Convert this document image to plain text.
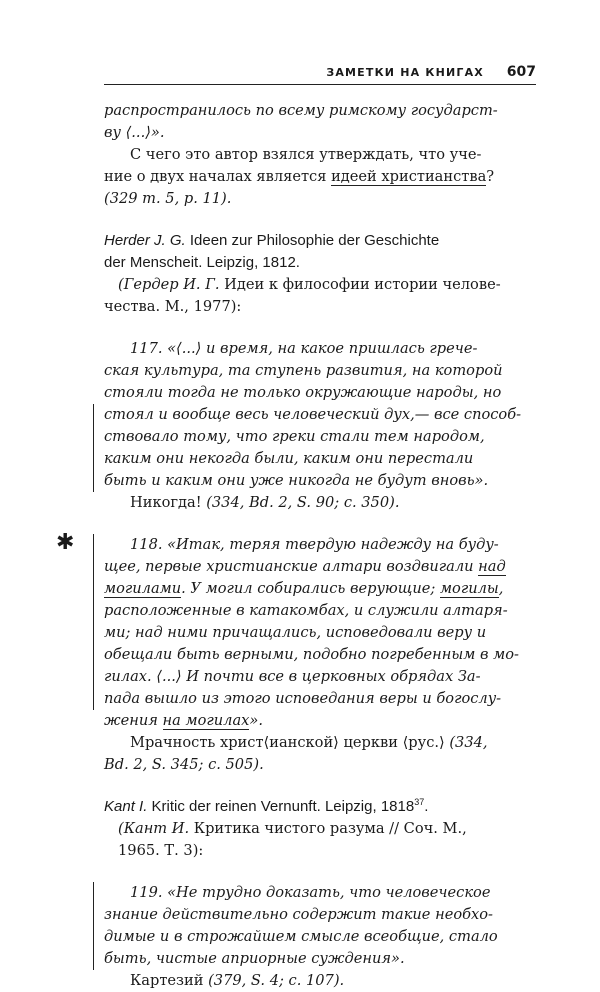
ЗАМЕТКИ НА КНИГАХ 607

распространилось по всему римскому государст-

ву ⟨...⟩».

С чего это автор взялся утверждать, что уче-

ние о двух началах является идеей христианства?

(329 т. 5, р. 11).

Herder J. G. Ideen zur Philosophie der Geschichte

der Menscheit. Leipzig, 1812.

(Гердер И. Г. Идеи к философии истории челове-

чества. М., 1977):

117. «⟨...⟩ и время, на какое пришлась грече-

ская культура, та ступень развития, на которой

стояли тогда не только окружающие народы, но

стоял и вообще весь человеческий дух,— все способ-

ствовало тому, что греки стали тем народом,

каким они некогда были, каким они перестали

быть и каким они уже никогда не будут вновь».

Никогда! (334, Bd. 2, S. 90; с. 350).

✱	118. «Итак, теряя твердую надежду на буду-

щее, первые христианские алтари воздвигали над

могилами. У могил собирались верующие; могилы,

расположенные в катакомбах, и служили алтаря-

ми; над ними причащались, исповедовали веру и

обещали быть верными, подобно погребенным в мо-

гилах. ⟨...⟩ И почти все в церковных обрядах За-

пада вышло из этого исповедания веры и богослу-

жения на могилах».

Мрачность христ⟨ианской⟩ церкви ⟨рус.⟩ (334,

Bd. 2, S. 345; с. 505).

Kant I. Kritic der reinen Vernunft. Leipzig, 1818$^{37}$.

(Кант И. Критика чистого разума // Соч. М.,

1965. Т. 3):

119. «Не трудно доказать, что человеческое

знание действительно содержит такие необхо-

димые и в строжайшем смысле всеобщие, стало

быть, чистые априорные суждения».

Картезий (379, S. 4; с. 107).
